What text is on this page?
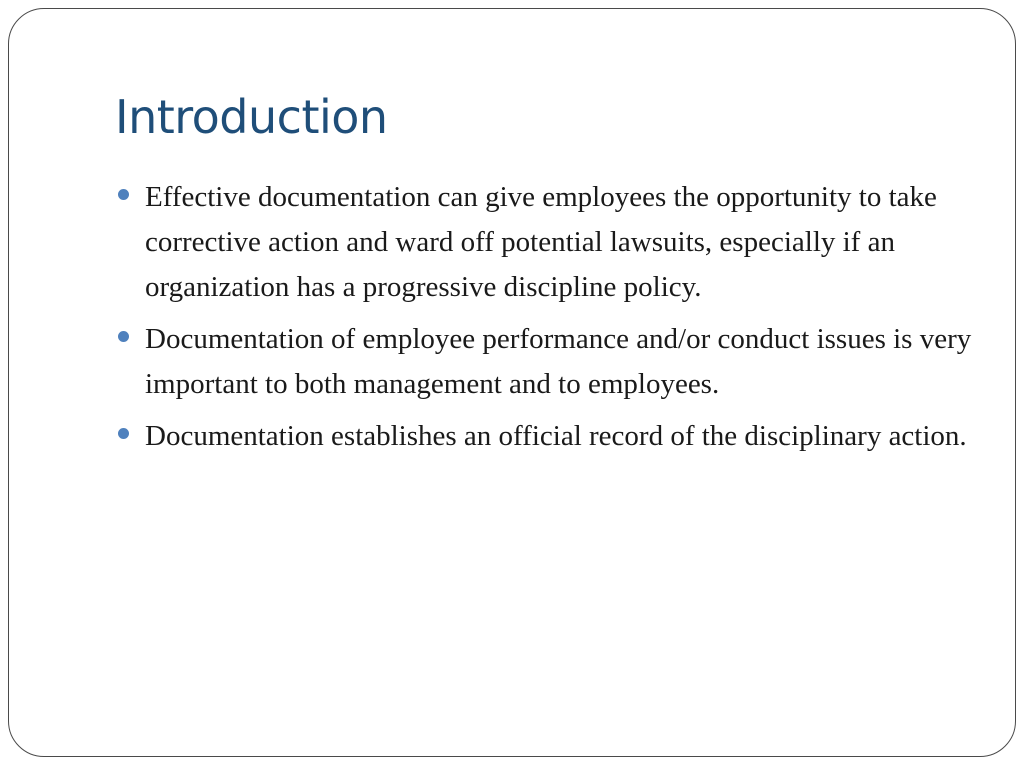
Introduction
Effective documentation can give employees the opportunity to take corrective action and ward off potential lawsuits, especially if an organization has a progressive discipline policy.
Documentation of employee performance and/or conduct issues is very important to both management and to employees.
Documentation establishes an official record of the disciplinary action.
